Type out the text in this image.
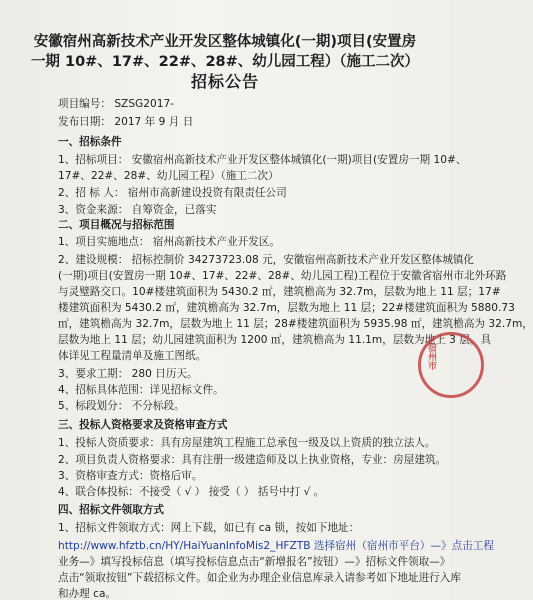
安徽宿州高新技术产业开发区整体城镇化(一期)项目(安置房
一期 10#、17#、22#、28#、幼儿园工程）（施工二次）
招标公告
项目编号： SZSG2017-
发布日期： 2017 年 9 月 日
一、招标条件
1、招标项目： 安徽宿州高新技术产业开发区整体城镇化(一期)项目(安置房一期 10#、
17#、22#、28#、幼儿园工程）（施工二次）
2、招 标 人： 宿州市高新建设投资有限责任公司
3、资金来源： 自筹资金，已落实
二、项目概况与招标范围
1、项目实施地点： 宿州高新技术产业开发区。
2、建设规模： 招标控制价 34273723.08 元，安徽宿州高新技术产业开发区整体城镇化
(一期)项目(安置房一期 10#、17#、22#、28#、幼儿园工程)工程位于安徽省宿州市北外环路
与灵璧路交口。10#楼建筑面积为 5430.2 ㎡，建筑檐高为 32.7m，层数为地上 11 层；17#
楼建筑面积为 5430.2 ㎡，建筑檐高为 32.7m，层数为地上 11 层；22#楼建筑面积为 5880.73
㎡，建筑檐高为 32.7m，层数为地上 11 层；28#楼建筑面积为 5935.98 ㎡，建筑檐高为 32.7m，
层数为地上 11 层；幼儿园建筑面积为 1200 ㎡，建筑檐高为 11.1m，层数为地上 3 层。具
体详见工程量清单及施工图纸。
3、要求工期： 280 日历天。
4、招标具体范围：详见招标文件。
5、标段划分： 不分标段。
三、投标人资格要求及资格审查方式
1、投标人资质要求：具有房屋建筑工程施工总承包一级及以上资质的独立法人。
2、项目负责人资格要求：具有注册一级建造师及以上执业资格，专业：房屋建筑。
3、资格审查方式：资格后审。
4、联合体投标：不接受（ √ ） 接受（ ） 括号中打 √ 。
四、招标文件领取方式
1、招标文件领取方式：网上下载，如已有 ca 锁，按如下地址：
http://www.hfztb.cn/HY/HaiYuanInfoMis2_HFZTB 选择宿州（宿州市平台）—》点击工程
业务—》填写投标信息（填写投标信息点击“新增报名”按钮）—》招标文件领取—》
点击“领取按钮”下载招标文件。如企业为办理企业信息库录入请参考如下地址进行入库
和办理 ca。
宿州市
